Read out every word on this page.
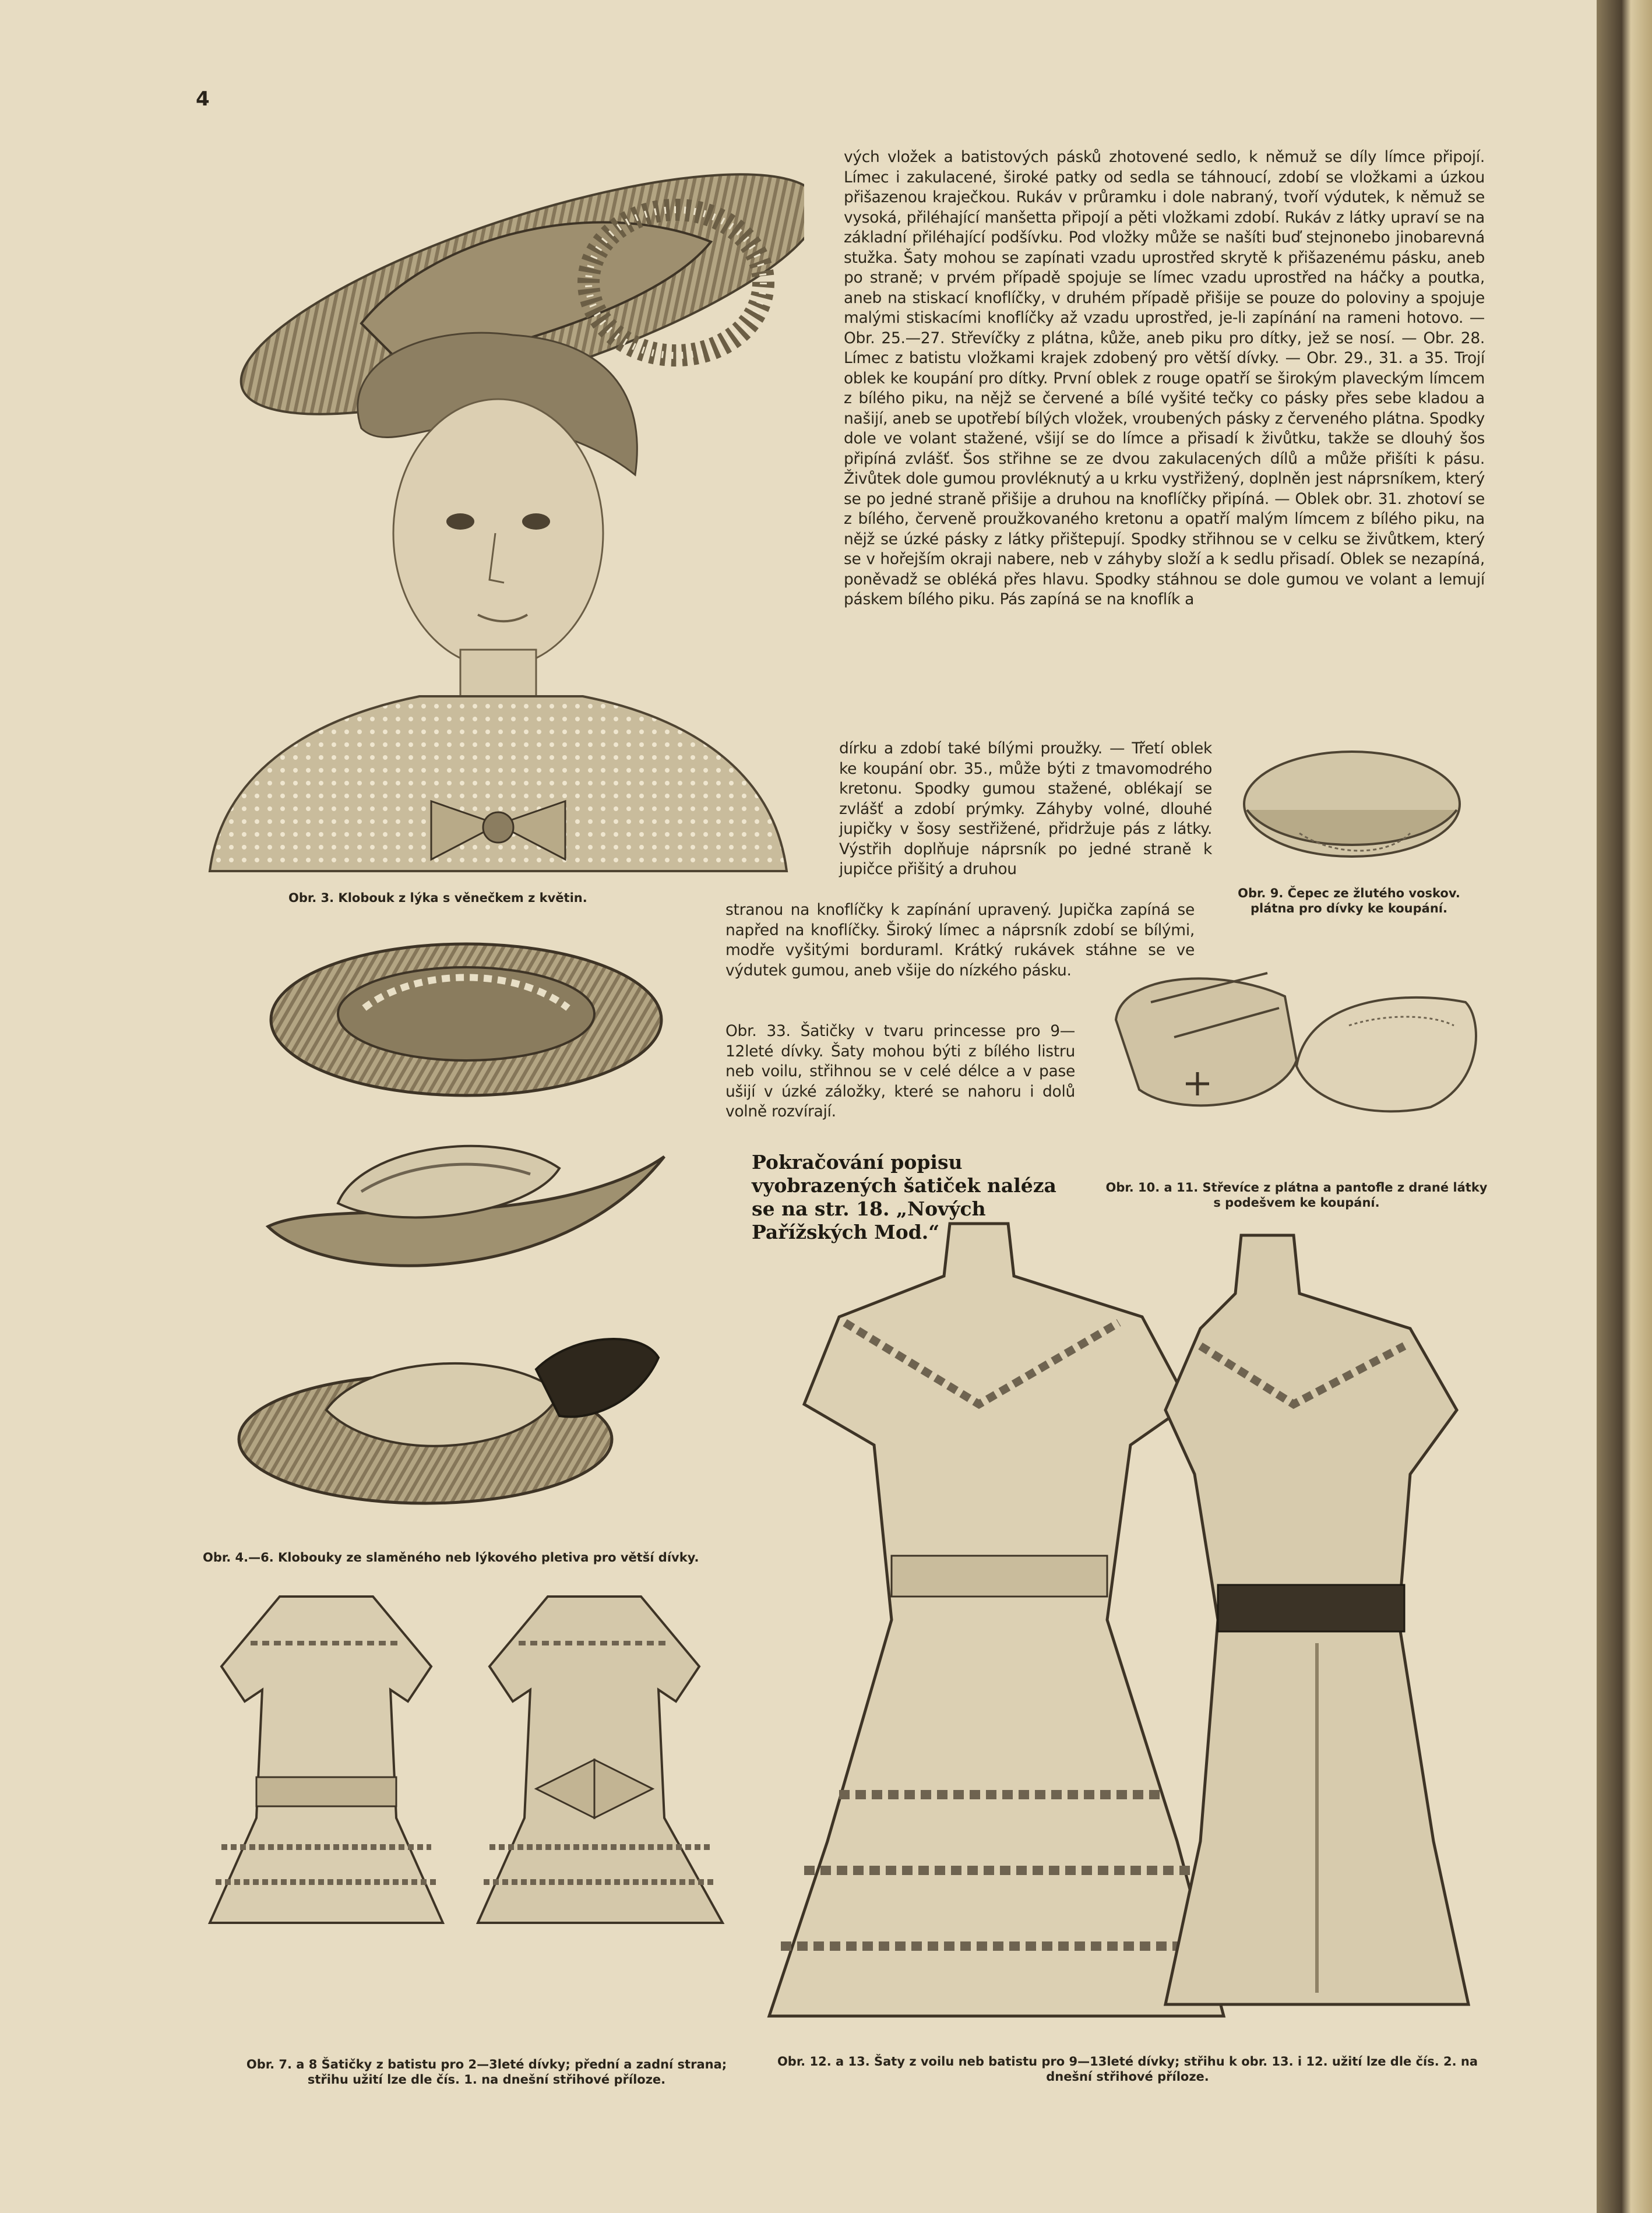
4
Obr. 3. Klobouk z lýka s věnečkem z květin.

vých vložek a batistových pásků zhotovené sedlo, k němuž se díly límce připojí. Límec i zakulacené, široké patky od sedla se táhnoucí, zdobí se vložkami a úzkou přišazenou kraječkou. Rukáv v průramku i dole nabraný, tvoří výdutek, k němuž se vysoká, přiléhající manšetta připojí a pěti vložkami zdobí. Rukáv z látky upraví se na základní přiléhající podšívku. Pod vložky může se našíti buď stejnonebo jinobarevná stužka. Šaty mohou se zapínati vzadu uprostřed skrytě k přišazenému pásku, aneb po straně; v prvém případě spojuje se límec vzadu uprostřed na háčky a poutka, aneb na stiskací knoflíčky, v druhém případě přišije se pouze do poloviny a spojuje malými stiskacími knoflíčky až vzadu uprostřed, je-li zapínání na rameni hotovo. — Obr. 25.—27. Střevíčky z plátna, kůže, aneb piku pro dítky, jež se nosí. — Obr. 28. Límec z batistu vložkami krajek zdobený pro větší dívky. — Obr. 29., 31. a 35. Trojí oblek ke koupání pro dítky. První oblek z rouge opatří se širokým plaveckým límcem z bílého piku, na nějž se červené a bílé vyšité tečky co pásky přes sebe kladou a našijí, aneb se upotřebí bílých vložek, vroubených pásky z červeného plátna. Spodky dole ve volant stažené, všijí se do límce a přisadí k živůtku, takže se dlouhý šos připíná zvlášť. Šos střihne se ze dvou zakulacených dílů a může přišíti k pásu. Živůtek dole gumou provléknutý a u krku vystřižený, doplněn jest náprsníkem, který se po jedné straně přišije a druhou na knoflíčky připíná. — Oblek obr. 31. zhotoví se z bílého, červeně proužkovaného kretonu a opatří malým límcem z bílého piku, na nějž se úzké pásky z látky přištepují. Spodky střihnou se v celku se živůtkem, který se v hořejším okraji nabere, neb v záhyby složí a k sedlu přisadí. Oblek se nezapíná, poněvadž se obléká přes hlavu. Spodky stáhnou se dole gumou ve volant a lemují páskem bílého piku. Pás zapíná se na knoflík a

dírku a zdobí také bílými proužky. — Třetí oblek ke koupání obr. 35., může býti z tmavomodrého kretonu. Spodky gumou stažené, oblékají se zvlášť a zdobí prýmky. Záhyby volné, dlouhé jupičky v šosy sestřižené, přidržuje pás z látky. Výstřih doplňuje náprsník po jedné straně k jupičce přišitý a druhou

Obr. 9. Čepec ze žlutého voskov. plátna pro dívky ke koupání.

stranou na knoflíčky k zapínání upravený. Jupička zapíná se napřed na knoflíčky. Široký límec a náprsník zdobí se bílými, modře vyšitými borduraml. Krátký rukávek stáhne se ve výdutek gumou, aneb všije do nízkého pásku.

Obr. 33. Šatičky v tvaru princesse pro 9—12leté dívky. Šaty mohou býti z bílého listru neb voilu, střihnou se v celé délce a v pase ušijí v úzké záložky, které se nahoru i dolů volně rozvírají.

Pokračování popisu vyobrazených šatiček naléza se na str. 18. „Nových Pařížských Mod.“
Obr. 10. a 11. Střevíce z plátna a pantofle z drané látky s podešvem ke koupání.
Obr. 4.—6. Klobouky ze slaměného neb lýkového pletiva pro větší dívky.
Obr. 7. a 8 Šatičky z batistu pro 2—3leté dívky; přední a zadní strana; střihu užití lze dle čís. 1. na dnešní střihové příloze.
Obr. 12. a 13. Šaty z voilu neb batistu pro 9—13leté dívky; střihu k obr. 13. i 12. užití lze dle čís. 2. na dnešní střihové příloze.
